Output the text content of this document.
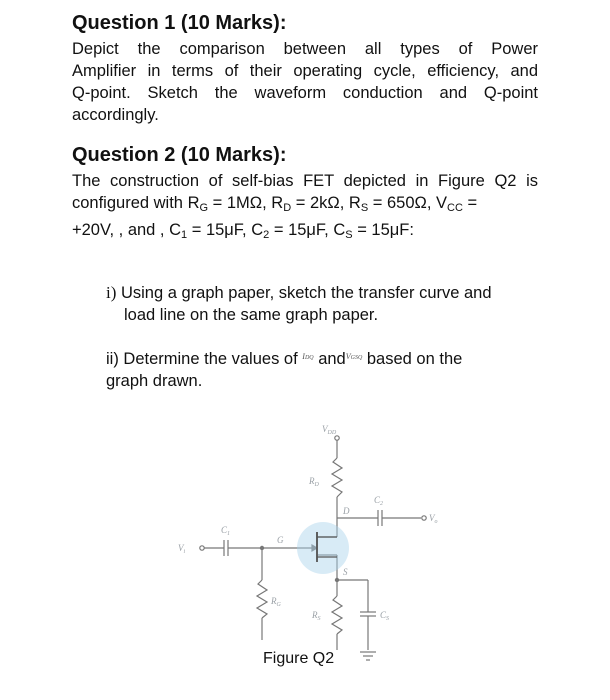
Question 1 (10 Marks):
Depict the comparison between all types of Power
Amplifier in terms of their operating cycle, efficiency, and
Q-point. Sketch the waveform conduction and Q-point
accordingly.
Question 2 (10 Marks):
The construction of self-bias FET depicted in Figure Q2 is
configured with $R_G = 1M\Omega$, $R_D = 2k\Omega$, $R_S = 650\Omega$, $V_{CC}$ =
+20V, , and , $C_1 = 15\mu F$, $C_2 = 15\mu F$, $C_S = 15\mu F$:
i) Using a graph paper, sketch the transfer curve and
load line on the same graph paper.
ii) Determine the values of $^{IDQ}$ and$^{VGSQ}$ based on the
graph drawn.
$V_{DD}$
$R_D$
D
$C_2$
$V_o$
$C_1$
$V_i$
G
S
$R_G$
$R_S$	$C_S$
Figure Q2
